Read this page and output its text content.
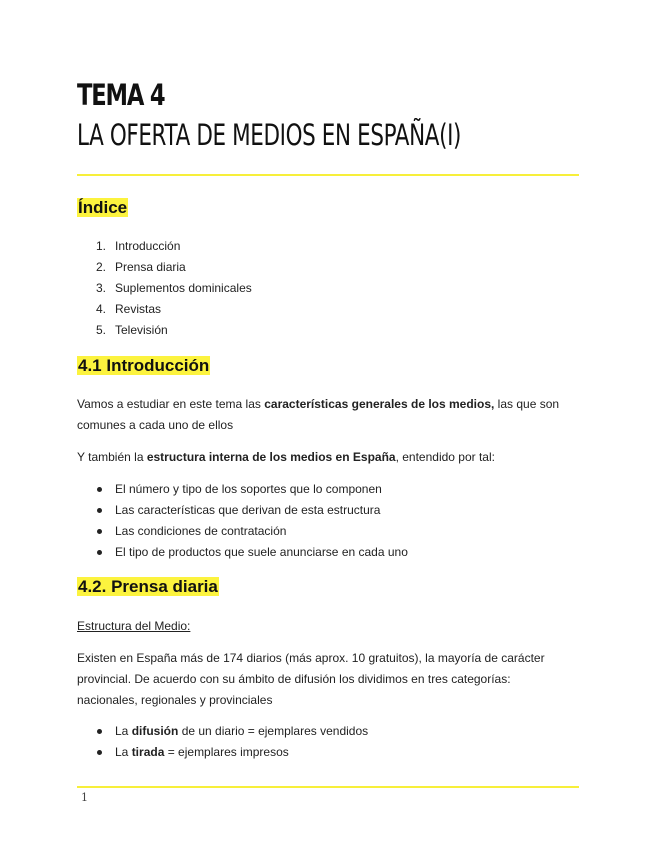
TEMA 4
LA OFERTA DE MEDIOS EN ESPAÑA(I)
Índice
1. Introducción
2. Prensa diaria
3. Suplementos dominicales
4. Revistas
5. Televisión
4.1 Introducción
Vamos a estudiar en este tema las características generales de los medios, las que son
comunes a cada uno de ellos
Y también la estructura interna de los medios en España, entendido por tal:
El número y tipo de los soportes que lo componen
Las características que derivan de esta estructura
Las condiciones de contratación
El tipo de productos que suele anunciarse en cada uno
4.2. Prensa diaria
Estructura del Medio:
Existen en España más de 174 diarios (más aprox. 10 gratuitos), la mayoría de carácter
provincial. De acuerdo con su ámbito de difusión los dividimos en tres categorías:
nacionales, regionales y provinciales
La difusión de un diario = ejemplares vendidos
La tirada = ejemplares impresos
1
